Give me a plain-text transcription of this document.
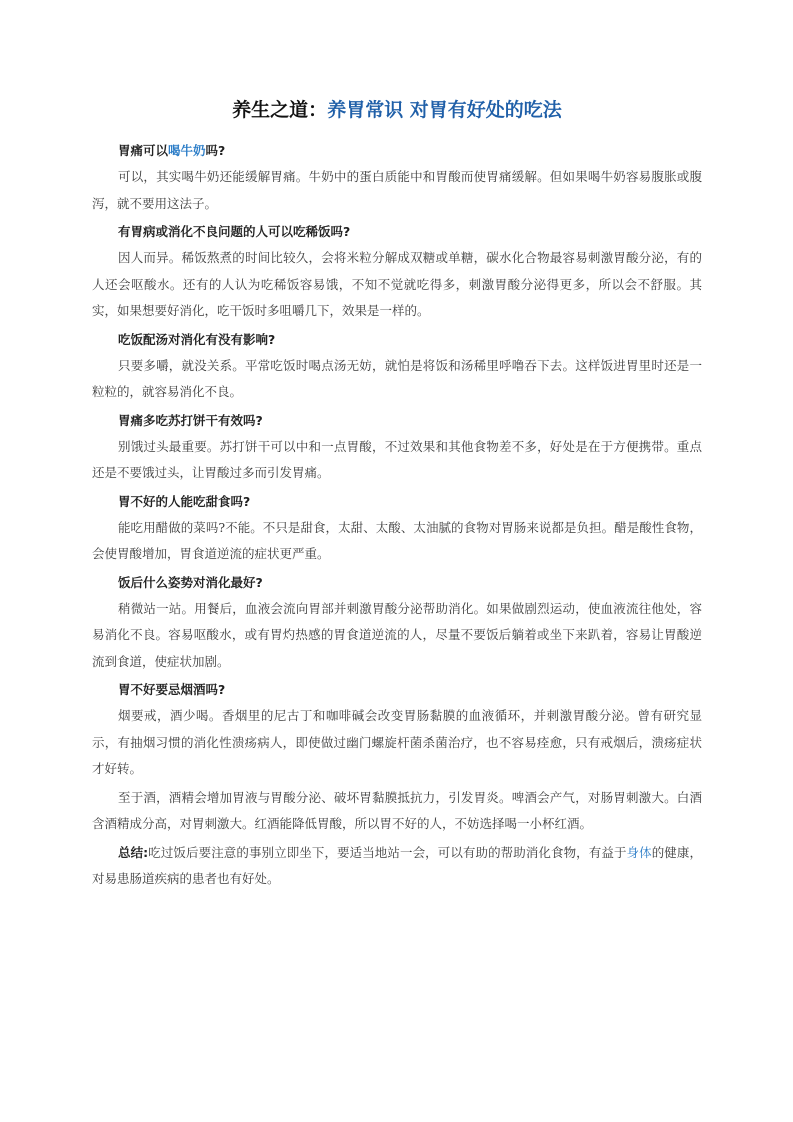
养生之道：养胃常识 对胃有好处的吃法
胃痛可以喝牛奶吗?

可以，其实喝牛奶还能缓解胃痛。牛奶中的蛋白质能中和胃酸而使胃痛缓解。但如果喝牛奶容易腹胀或腹泻，就不要用这法子。

有胃病或消化不良问题的人可以吃稀饭吗?

因人而异。稀饭熬煮的时间比较久，会将米粒分解成双糖或单糖，碳水化合物最容易刺激胃酸分泌，有的人还会呕酸水。还有的人认为吃稀饭容易饿，不知不觉就吃得多，刺激胃酸分泌得更多，所以会不舒服。其实，如果想要好消化，吃干饭时多咀嚼几下，效果是一样的。

吃饭配汤对消化有没有影响?

只要多嚼，就没关系。平常吃饭时喝点汤无妨，就怕是将饭和汤稀里呼噜吞下去。这样饭进胃里时还是一粒粒的，就容易消化不良。

胃痛多吃苏打饼干有效吗?

别饿过头最重要。苏打饼干可以中和一点胃酸，不过效果和其他食物差不多，好处是在于方便携带。重点还是不要饿过头，让胃酸过多而引发胃痛。

胃不好的人能吃甜食吗?

能吃用醋做的菜吗?不能。不只是甜食，太甜、太酸、太油腻的食物对胃肠来说都是负担。醋是酸性食物，会使胃酸增加，胃食道逆流的症状更严重。

饭后什么姿势对消化最好?

稍微站一站。用餐后，血液会流向胃部并刺激胃酸分泌帮助消化。如果做剧烈运动，使血液流往他处，容易消化不良。容易呕酸水，或有胃灼热感的胃食道逆流的人，尽量不要饭后躺着或坐下来趴着，容易让胃酸逆流到食道，使症状加剧。

胃不好要忌烟酒吗?

烟要戒，酒少喝。香烟里的尼古丁和咖啡碱会改变胃肠黏膜的血液循环，并刺激胃酸分泌。曾有研究显示，有抽烟习惯的消化性溃疡病人，即使做过幽门螺旋杆菌杀菌治疗，也不容易痊愈，只有戒烟后，溃疡症状才好转。

至于酒，酒精会增加胃液与胃酸分泌、破坏胃黏膜抵抗力，引发胃炎。啤酒会产气，对肠胃刺激大。白酒含酒精成分高，对胃刺激大。红酒能降低胃酸，所以胃不好的人，不妨选择喝一小杯红酒。

总结:吃过饭后要注意的事别立即坐下，要适当地站一会，可以有助的帮助消化食物，有益于身体的健康，对易患肠道疾病的患者也有好处。
